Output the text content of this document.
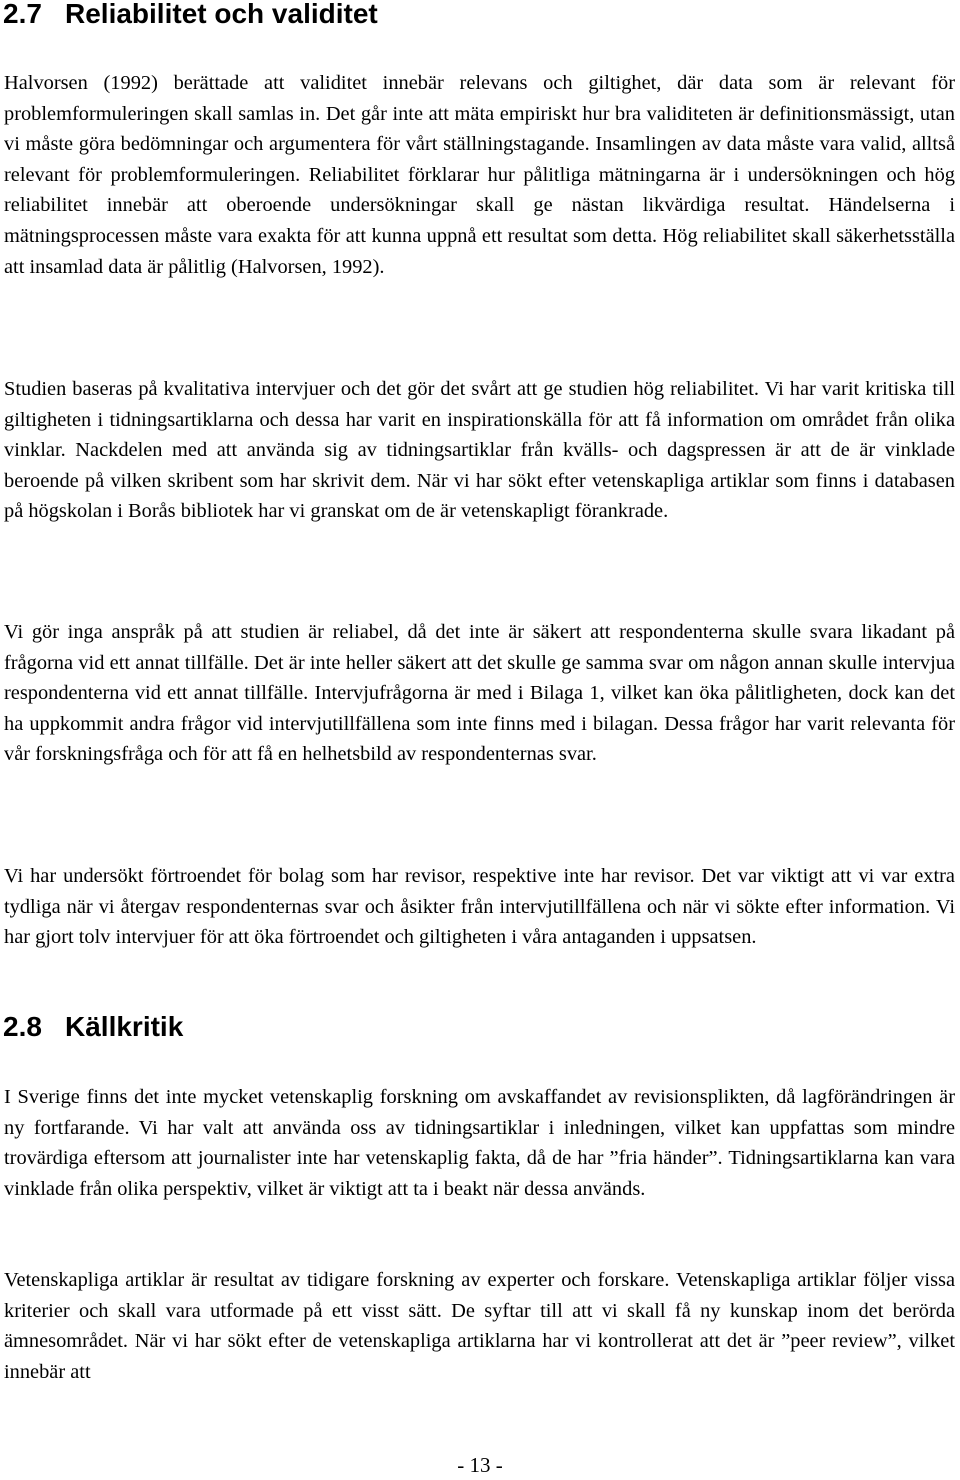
2.7 Reliabilitet och validitet

Halvorsen (1992) berättade att validitet innebär relevans och giltighet, där data som är relevant för problemformuleringen skall samlas in. Det går inte att mäta empiriskt hur bra validiteten är definitionsmässigt, utan vi måste göra bedömningar och argumentera för vårt ställningstagande. Insamlingen av data måste vara valid, alltså relevant för problemformuleringen. Reliabilitet förklarar hur pålitliga mätningarna är i undersökningen och hög reliabilitet innebär att oberoende undersökningar skall ge nästan likvärdiga resultat. Händelserna i mätningsprocessen måste vara exakta för att kunna uppnå ett resultat som detta. Hög reliabilitet skall säkerhetsställa att insamlad data är pålitlig (Halvorsen, 1992).

Studien baseras på kvalitativa intervjuer och det gör det svårt att ge studien hög reliabilitet. Vi har varit kritiska till giltigheten i tidningsartiklarna och dessa har varit en inspirationskälla för att få information om området från olika vinklar. Nackdelen med att använda sig av tidningsartiklar från kvälls- och dagspressen är att de är vinklade beroende på vilken skribent som har skrivit dem. När vi har sökt efter vetenskapliga artiklar som finns i databasen på högskolan i Borås bibliotek har vi granskat om de är vetenskapligt förankrade.

Vi gör inga anspråk på att studien är reliabel, då det inte är säkert att respondenterna skulle svara likadant på frågorna vid ett annat tillfälle. Det är inte heller säkert att det skulle ge samma svar om någon annan skulle intervjua respondenterna vid ett annat tillfälle. Intervjufrågorna är med i Bilaga 1, vilket kan öka pålitligheten, dock kan det ha uppkommit andra frågor vid intervjutillfällena som inte finns med i bilagan. Dessa frågor har varit relevanta för vår forskningsfråga och för att få en helhetsbild av respondenternas svar.

Vi har undersökt förtroendet för bolag som har revisor, respektive inte har revisor. Det var viktigt att vi var extra tydliga när vi återgav respondenternas svar och åsikter från intervjutillfällena och när vi sökte efter information. Vi har gjort tolv intervjuer för att öka förtroendet och giltigheten i våra antaganden i uppsatsen.

2.8 Källkritik

I Sverige finns det inte mycket vetenskaplig forskning om avskaffandet av revisionsplikten, då lagförändringen är ny fortfarande. Vi har valt att använda oss av tidningsartiklar i inledningen, vilket kan uppfattas som mindre trovärdiga eftersom att journalister inte har vetenskaplig fakta, då de har ”fria händer”. Tidningsartiklarna kan vara vinklade från olika perspektiv, vilket är viktigt att ta i beakt när dessa används.

Vetenskapliga artiklar är resultat av tidigare forskning av experter och forskare. Vetenskapliga artiklar följer vissa kriterier och skall vara utformade på ett visst sätt. De syftar till att vi skall få ny kunskap inom det berörda ämnesområdet. När vi har sökt efter de vetenskapliga artiklarna har vi kontrollerat att det är ”peer review”, vilket innebär att

- 13 -
